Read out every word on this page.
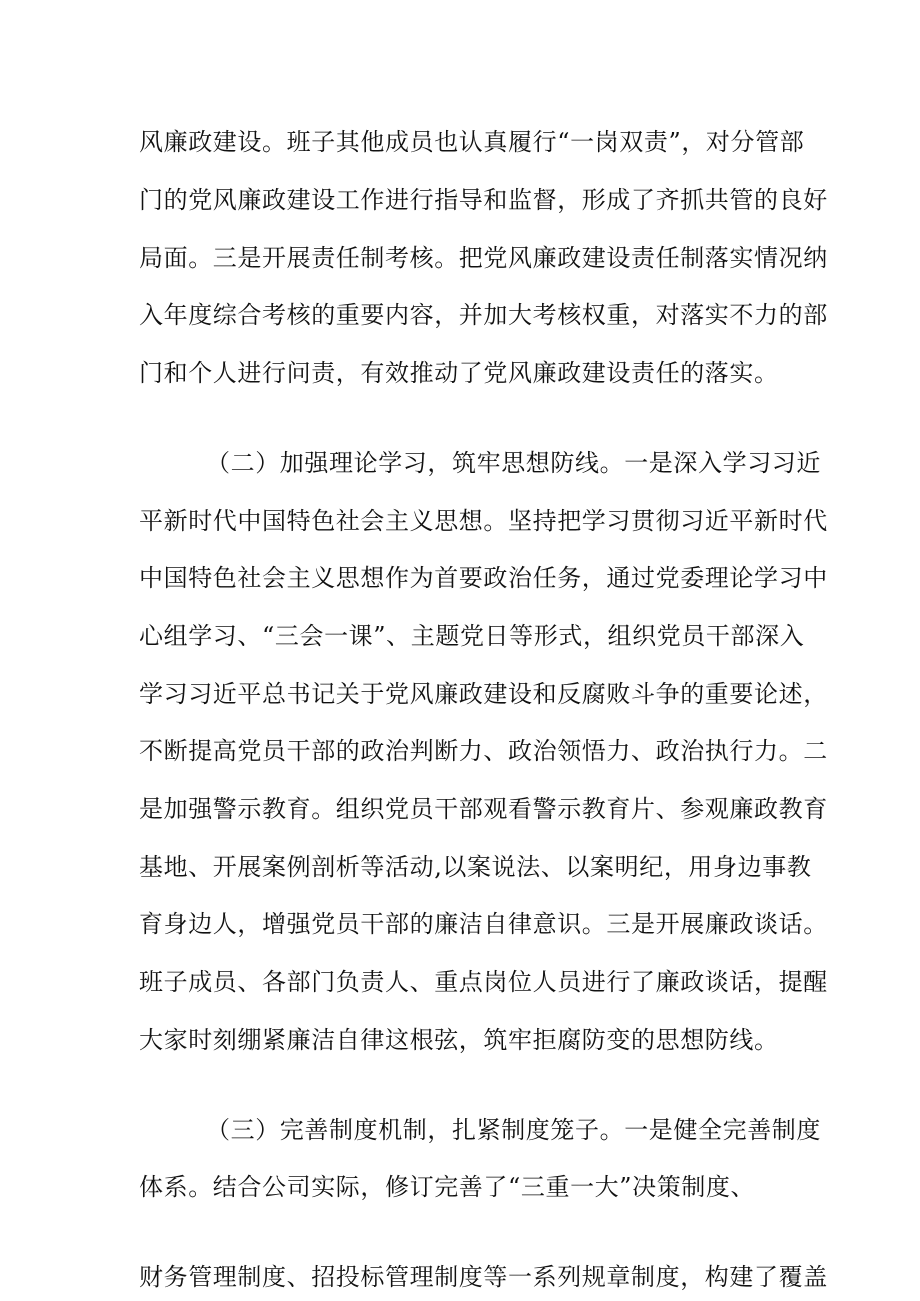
风廉政建设。班子其他成员也认真履行“一岗双责”，对分管部
门的党风廉政建设工作进行指导和监督，形成了齐抓共管的良好
局面。三是开展责任制考核。把党风廉政建设责任制落实情况纳
入年度综合考核的重要内容，并加大考核权重，对落实不力的部
门和个人进行问责，有效推动了党风廉政建设责任的落实。
（二）加强理论学习，筑牢思想防线。一是深入学习习近
平新时代中国特色社会主义思想。坚持把学习贯彻习近平新时代
中国特色社会主义思想作为首要政治任务，通过党委理论学习中
心组学习、“三会一课”、主题党日等形式，组织党员干部深入
学习习近平总书记关于党风廉政建设和反腐败斗争的重要论述，
不断提高党员干部的政治判断力、政治领悟力、政治执行力。二
是加强警示教育。组织党员干部观看警示教育片、参观廉政教育
基地、开展案例剖析等活动,以案说法、以案明纪，用身边事教
育身边人，增强党员干部的廉洁自律意识。三是开展廉政谈话。
班子成员、各部门负责人、重点岗位人员进行了廉政谈话，提醒
大家时刻绷紧廉洁自律这根弦，筑牢拒腐防变的思想防线。
（三）完善制度机制，扎紧制度笼子。一是健全完善制度
体系。结合公司实际，修订完善了“三重一大”决策制度、
财务管理制度、招投标管理制度等一系列规章制度，构建了覆盖
